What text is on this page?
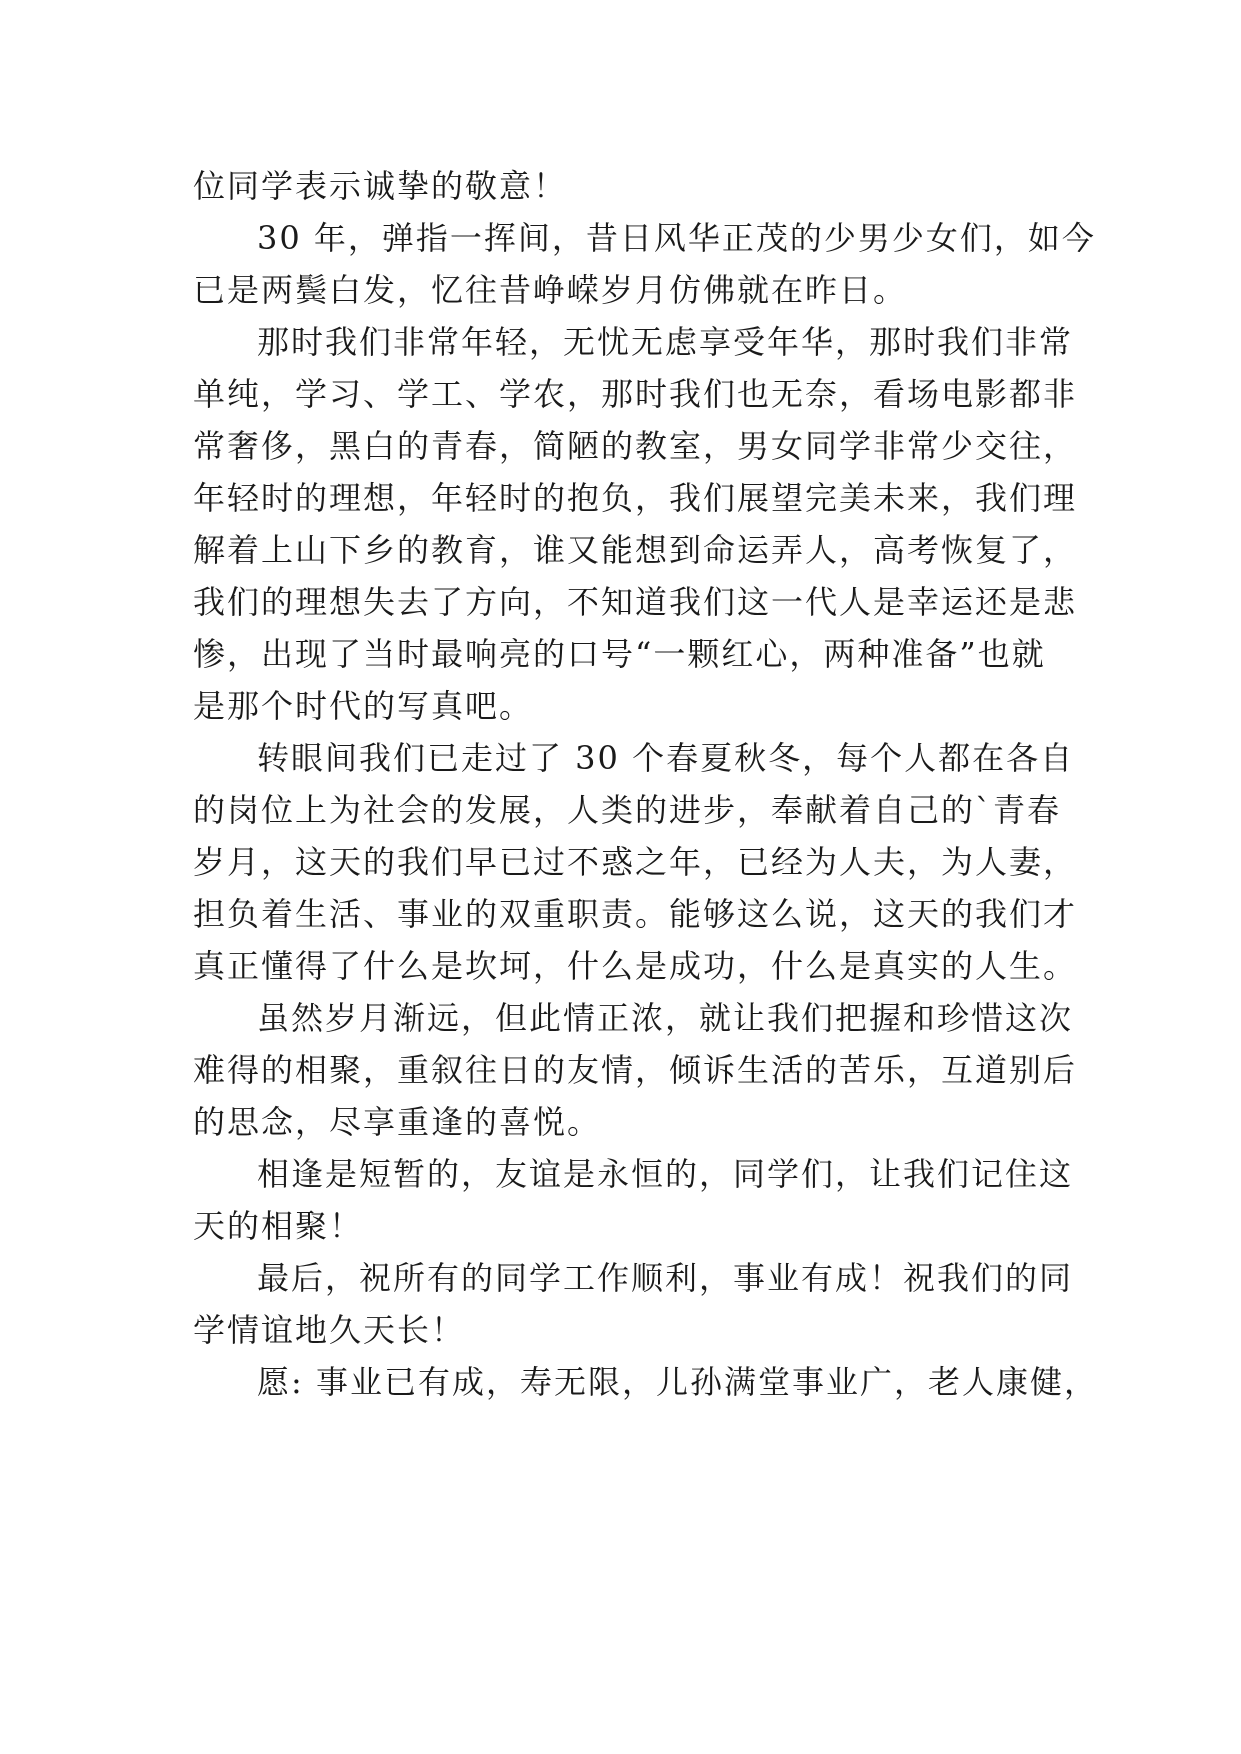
位同学表示诚挚的敬意！
30 年，弹指一挥间，昔日风华正茂的少男少女们，如今
已是两鬓白发，忆往昔峥嵘岁月仿佛就在昨日。
那时我们非常年轻，无忧无虑享受年华，那时我们非常
单纯，学习、学工、学农，那时我们也无奈，看场电影都非
常奢侈，黑白的青春，简陋的教室，男女同学非常少交往，
年轻时的理想，年轻时的抱负，我们展望完美未来，我们理
解着上山下乡的教育，谁又能想到命运弄人，高考恢复了，
我们的理想失去了方向，不知道我们这一代人是幸运还是悲
惨，出现了当时最响亮的口号“一颗红心，两种准备”也就
是那个时代的写真吧。
转眼间我们已走过了 30 个春夏秋冬，每个人都在各自
的岗位上为社会的发展，人类的进步，奉献着自己的`青春
岁月，这天的我们早已过不惑之年，已经为人夫，为人妻，
担负着生活、事业的双重职责。能够这么说，这天的我们才
真正懂得了什么是坎坷，什么是成功，什么是真实的人生。
虽然岁月渐远，但此情正浓，就让我们把握和珍惜这次
难得的相聚，重叙往日的友情，倾诉生活的苦乐，互道别后
的思念，尽享重逢的喜悦。
相逢是短暂的，友谊是永恒的，同学们，让我们记住这
天的相聚！
最后，祝所有的同学工作顺利，事业有成！祝我们的同
学情谊地久天长！
愿: 事业已有成，寿无限，儿孙满堂事业广，老人康健，
